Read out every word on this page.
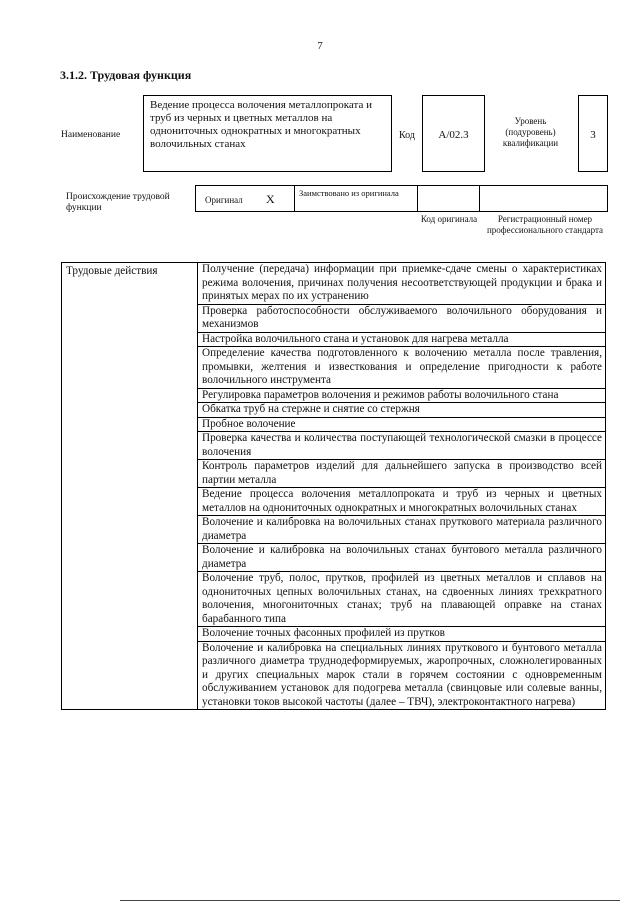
7
3.1.2. Трудовая функция
Наименование
Ведение процесса волочения металлопроката и труб из черных и цветных металлов на однониточных однократных и многократных волочильных станах
Код	A/02.3
Уровень (подуровень) квалификации
3
Происхождение трудовой функции
Оригинал X	Заимствовано из оригинала
Код оригинала	Регистрационный номер профессионального стандарта
Трудовые действия	Получение (передача) информации при приемке-сдаче смены о характеристиках режима волочения, причинах получения несоответствующей продукции и брака и принятых мерах по их устранению
Проверка работоспособности обслуживаемого волочильного оборудования и механизмов
Настройка волочильного стана и установок для нагрева металла
Определение качества подготовленного к волочению металла после травления, промывки, желтения и известкования и определение пригодности к работе волочильного инструмента
Регулировка параметров волочения и режимов работы волочильного стана
Обкатка труб на стержне и снятие со стержня
Пробное волочение
Проверка качества и количества поступающей технологической смазки в процессе волочения
Контроль параметров изделий для дальнейшего запуска в производство всей партии металла
Ведение процесса волочения металлопроката и труб из черных и цветных металлов на однониточных однократных и многократных волочильных станах
Волочение и калибровка на волочильных станах пруткового материала различного диаметра
Волочение и калибровка на волочильных станах бунтового металла различного диаметра
Волочение труб, полос, прутков, профилей из цветных металлов и сплавов на однониточных цепных волочильных станах, на сдвоенных линиях трехкратного волочения, многониточных станах; труб на плавающей оправке на станах барабанного типа
Волочение точных фасонных профилей из прутков
Волочение и калибровка на специальных линиях пруткового и бунтового металла различного диаметра труднодеформируемых, жаропрочных, сложнолегированных и других специальных марок стали в горячем состоянии с одновременным обслуживанием установок для подогрева металла (свинцовые или солевые ванны, установки токов высокой частоты (далее – ТВЧ), электроконтактного нагрева)
